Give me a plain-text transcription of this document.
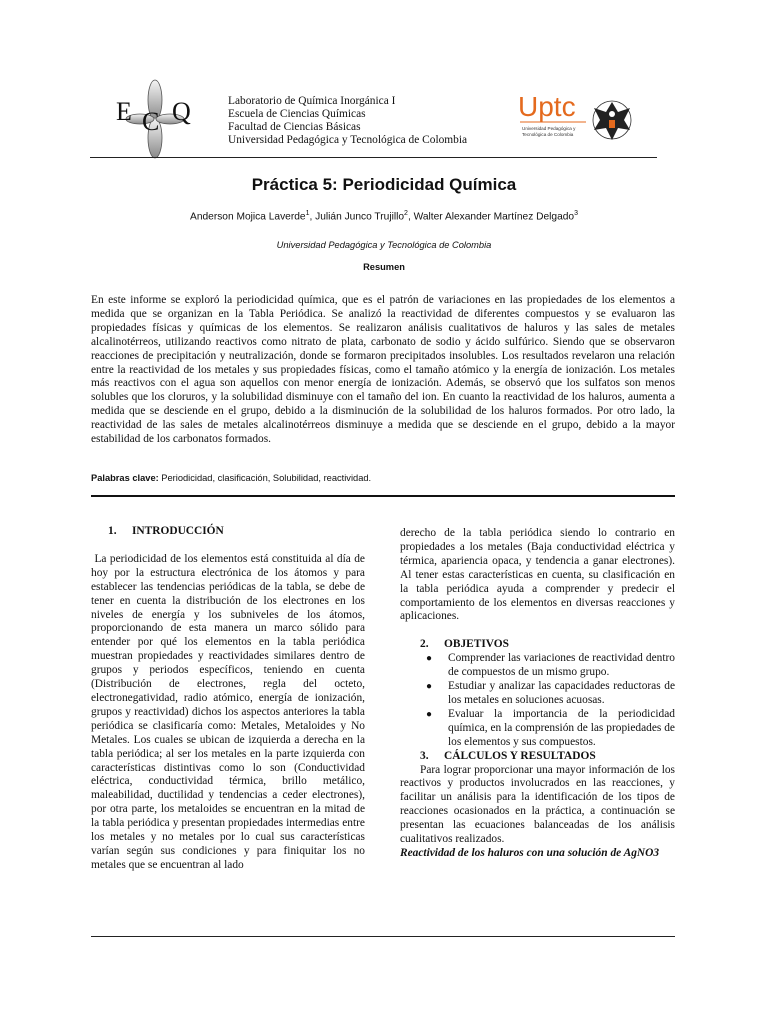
E C Q	Laboratorio de Química Inorgánica I
Escuela de Ciencias Químicas
Facultad de Ciencias Básicas
Universidad Pedagógica y Tecnológica de Colombia
Uptc
Universidad Pedagógica y
Tecnológica de Colombia
Práctica 5: Periodicidad Química
Anderson Mojica Laverde$^1$, Julián Junco Trujillo$^2$, Walter Alexander Martínez Delgado$^3$
Universidad Pedagógica y Tecnológica de Colombia
Resumen
En este informe se exploró la periodicidad química, que es el patrón de variaciones en las propiedades de los elementos a medida que se organizan en la Tabla Periódica. Se analizó la reactividad de diferentes compuestos y se evaluaron las propiedades físicas y químicas de los elementos. Se realizaron análisis cualitativos de haluros y las sales de metales alcalinotérreos, utilizando reactivos como nitrato de plata, carbonato de sodio y ácido sulfúrico. Siendo que se observaron reacciones de precipitación y neutralización, donde se formaron precipitados insolubles. Los resultados revelaron una relación entre la reactividad de los metales y sus propiedades físicas, como el tamaño atómico y la energía de ionización. Los metales más reactivos con el agua son aquellos con menor energía de ionización. Además, se observó que los sulfatos son menos solubles que los cloruros, y la solubilidad disminuye con el tamaño del ion. En cuanto la reactividad de los haluros, aumenta a medida que se desciende en el grupo, debido a la disminución de la solubilidad de los haluros formados. Por otro lado, la reactividad de las sales de metales alcalinotérreos disminuye a medida que se desciende en el grupo, debido a la mayor estabilidad de los carbonatos formados.
Palabras clave: Periodicidad, clasificación, Solubilidad, reactividad.

1. INTRODUCCIÓN

La periodicidad de los elementos está constituida al día de hoy por la estructura electrónica de los átomos y para establecer las tendencias periódicas de la tabla, se debe de tener en cuenta la distribución de los electrones en los niveles de energía y los subniveles de los átomos, proporcionando de esta manera un marco sólido para entender por qué los elementos en la tabla periódica muestran propiedades y reactividades similares dentro de grupos y periodos específicos, teniendo en cuenta (Distribución de electrones, regla del octeto, electronegatividad, radio atómico, energía de ionización, grupos y reactividad) dichos los aspectos anteriores la tabla periódica se clasificaría como: Metales, Metaloides y No Metales. Los cuales se ubican de izquierda a derecha en la tabla periódica; al ser los metales en la parte izquierda con características distintivas como lo son (Conductividad eléctrica, conductividad térmica, brillo metálico, maleabilidad, ductilidad y tendencias a ceder electrones), por otra parte, los metaloides se encuentran en la mitad de la tabla periódica y presentan propiedades intermedias entre los metales y no metales por lo cual sus características varían según sus condiciones y para finiquitar los no metales que se encuentran al lado
derecho de la tabla periódica siendo lo contrario en propiedades a los metales (Baja conductividad eléctrica y térmica, apariencia opaca, y tendencia a ganar electrones). Al tener estas características en cuenta, su clasificación en la tabla periódica ayuda a comprender y predecir el comportamiento de los elementos en diversas reacciones y aplicaciones.

2. OBJETIVOS

● Comprender las variaciones de reactividad dentro de compuestos de un mismo grupo.
● Estudiar y analizar las capacidades reductoras de los metales en soluciones acuosas.
● Evaluar la importancia de la periodicidad química, en la comprensión de las propiedades de los elementos y sus compuestos.

3. CÁLCULOS Y RESULTADOS

Para lograr proporcionar una mayor información de los reactivos y productos involucrados en las reacciones, y facilitar un análisis para la identificación de los tipos de reacciones ocasionados en la práctica, a continuación se presentan las ecuaciones balanceadas de los análisis cualitativos realizados.
Reactividad de los haluros con una solución de AgNO3
